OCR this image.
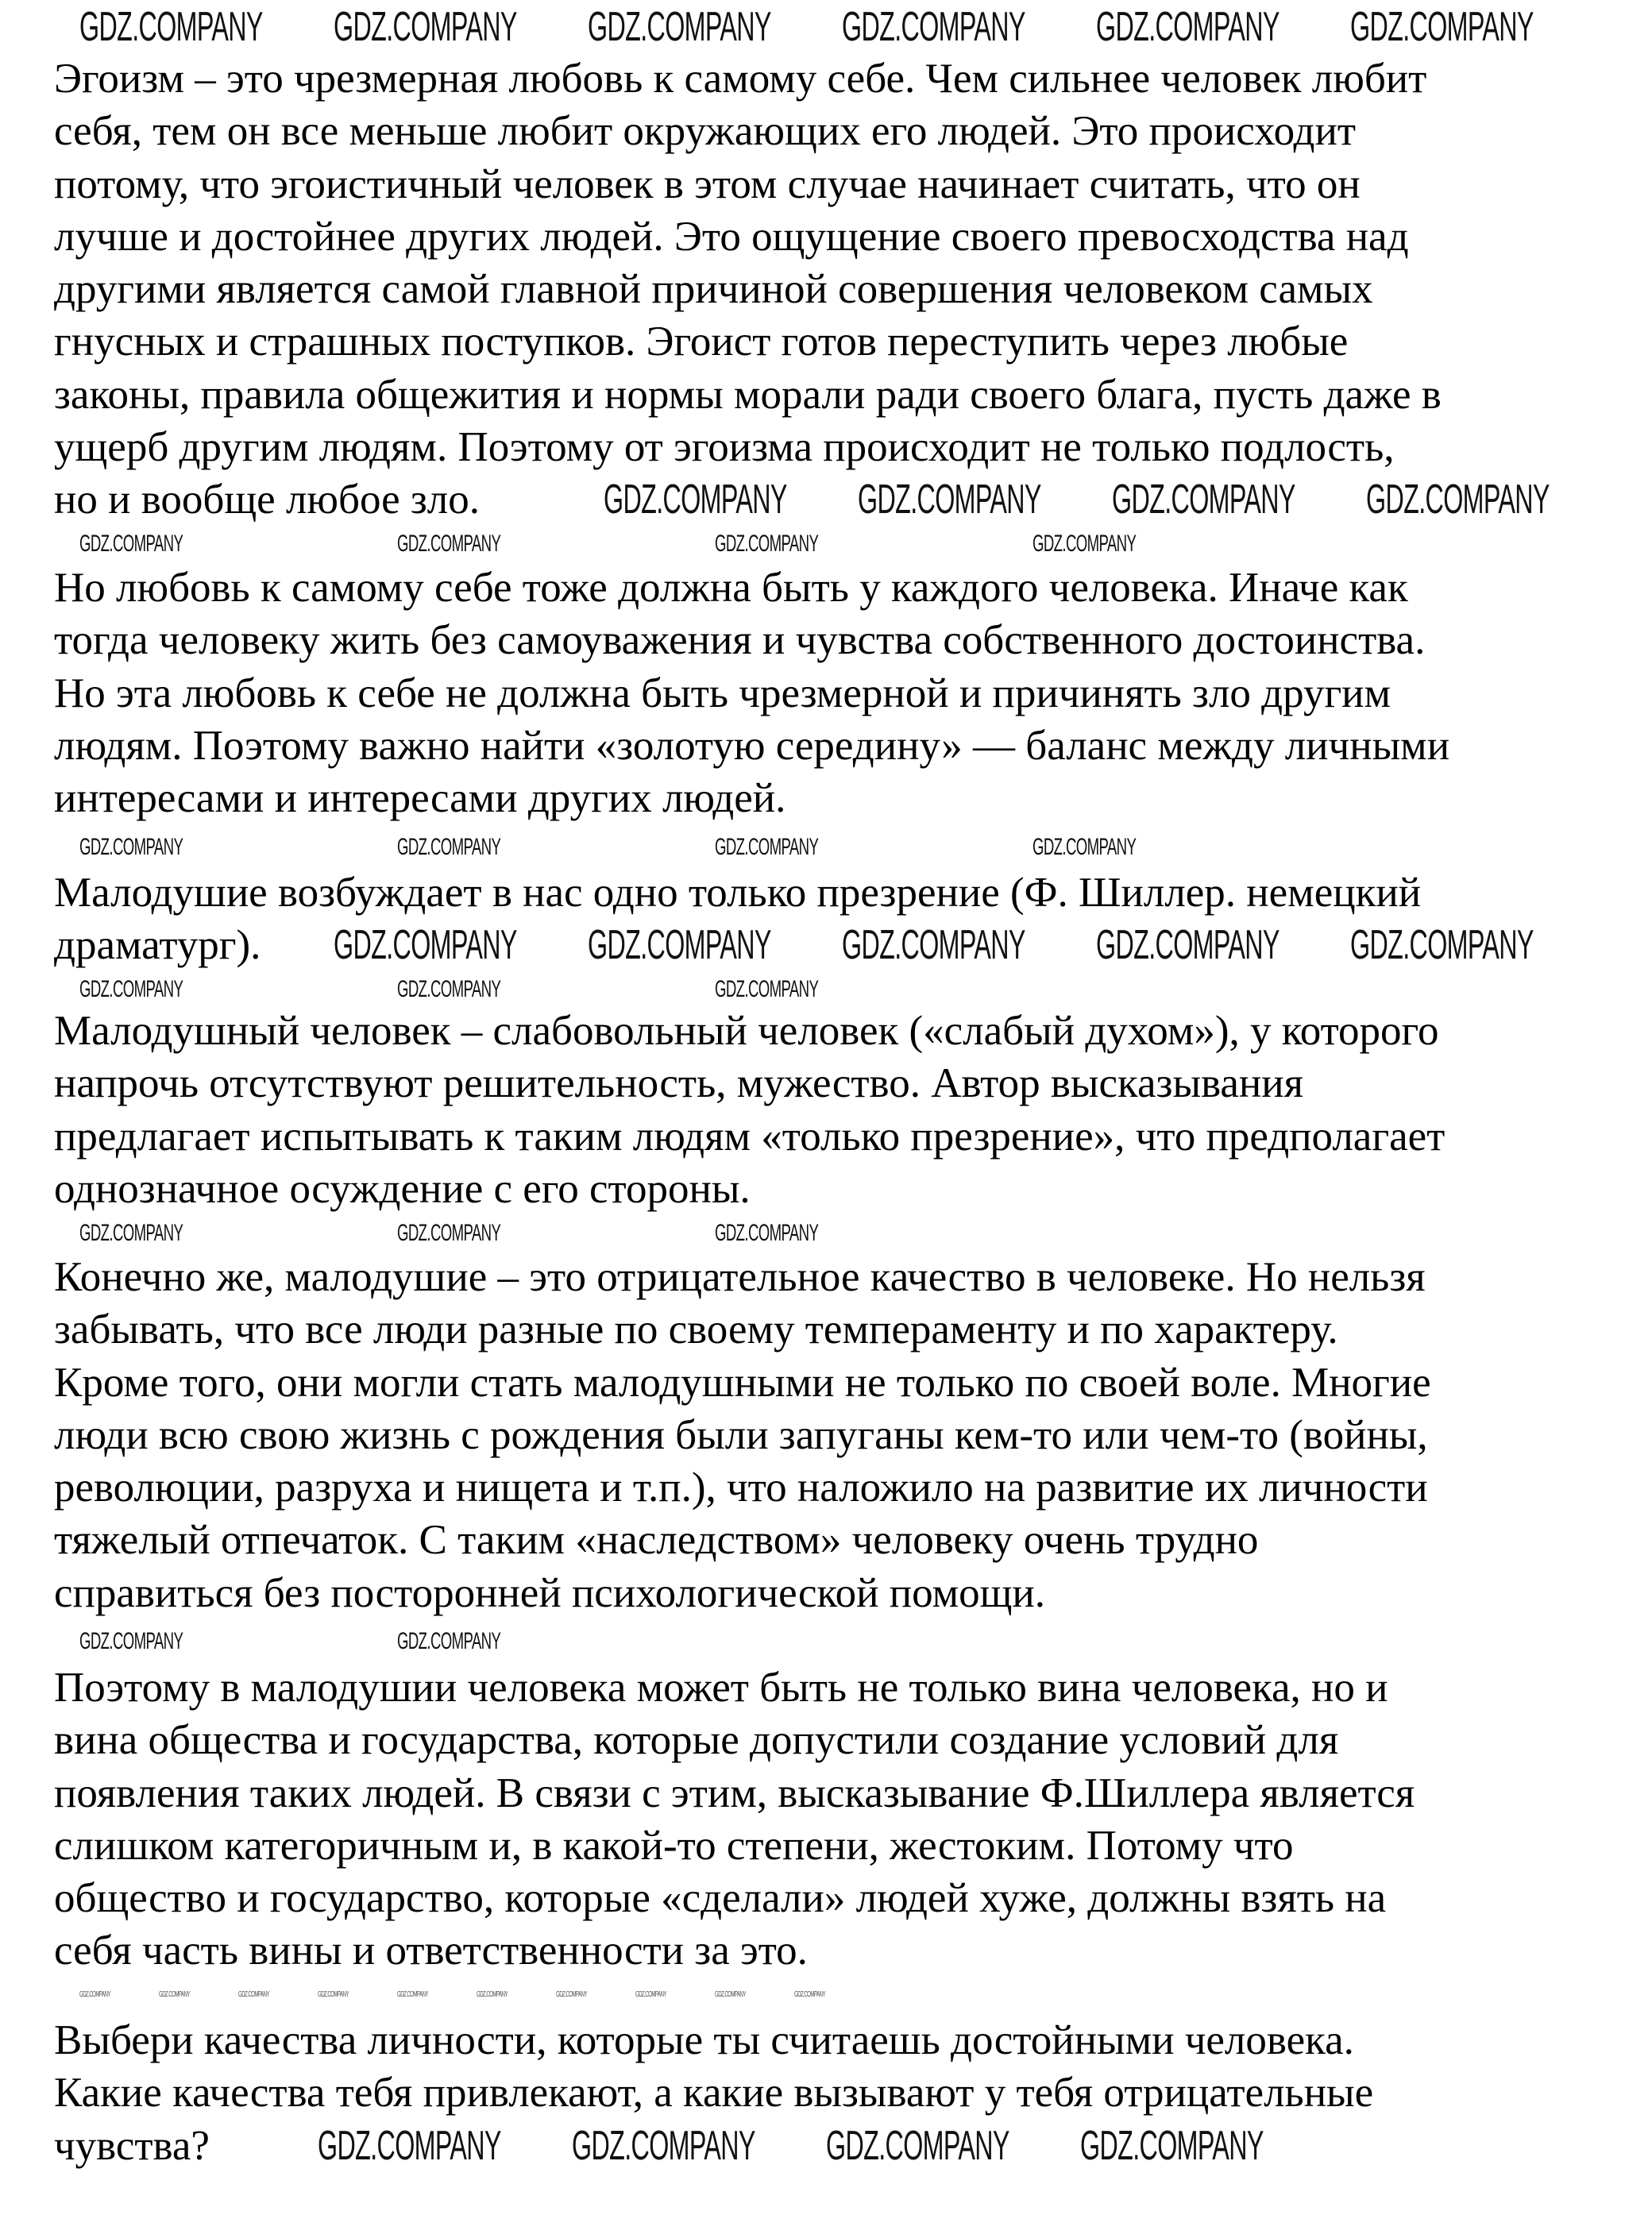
Эгоизм – это чрезмерная любовь к самому себе. Чем сильнее человек любит
себя, тем он все меньше любит окружающих его людей. Это происходит
потому, что эгоистичный человек в этом случае начинает считать, что он
лучше и достойнее других людей. Это ощущение своего превосходства над
другими является самой главной причиной совершения человеком самых
гнусных и страшных поступков. Эгоист готов переступить через любые
законы, правила общежития и нормы морали ради своего блага, пусть даже в
ущерб другим людям. Поэтому от эгоизма происходит не только подлость,
но и вообще любое зло.
Но любовь к самому себе тоже должна быть у каждого человека. Иначе как
тогда человеку жить без самоуважения и чувства собственного достоинства.
Но эта любовь к себе не должна быть чрезмерной и причинять зло другим
людям. Поэтому важно найти «золотую середину» — баланс между личными
интересами и интересами других людей.
Малодушие возбуждает в нас одно только презрение (Ф. Шиллер. немецкий
драматург).
Малодушный человек – слабовольный человек («слабый духом»), у которого
напрочь отсутствуют решительность, мужество. Автор высказывания
предлагает испытывать к таким людям «только презрение», что предполагает
однозначное осуждение с его стороны.
Конечно же, малодушие – это отрицательное качество в человеке. Но нельзя
забывать, что все люди разные по своему темпераменту и по характеру.
Кроме того, они могли стать малодушными не только по своей воле. Многие
люди всю свою жизнь с рождения были запуганы кем-то или чем-то (войны,
революции, разруха и нищета и т.п.), что наложило на развитие их личности
тяжелый отпечаток. С таким «наследством» человеку очень трудно
справиться без посторонней психологической помощи.
Поэтому в малодушии человека может быть не только вина человека, но и
вина общества и государства, которые допустили создание условий для
появления таких людей. В связи с этим, высказывание Ф.Шиллера является
слишком категоричным и, в какой-то степени, жестоким. Потому что
общество и государство, которые «сделали» людей хуже, должны взять на
себя часть вины и ответственности за это.
Выбери качества личности, которые ты считаешь достойными человека.
Какие качества тебя привлекают, а какие вызывают у тебя отрицательные
чувства?
GDZ.COMPANY GDZ.COMPANY GDZ.COMPANY GDZ.COMPANY GDZ.COMPANY GDZ.COMPANY
GDZ.COMPANY GDZ.COMPANY GDZ.COMPANY GDZ.COMPANY
GDZ.COMPANY GDZ.COMPANY GDZ.COMPANY GDZ.COMPANY GDZ.COMPANY
GDZ.COMPANY GDZ.COMPANY GDZ.COMPANY GDZ.COMPANY
GDZ.COMPANY	GDZ.COMPANY	GDZ.COMPANY	GDZ.COMPANY
GDZ.COMPANY	GDZ.COMPANY	GDZ.COMPANY	GDZ.COMPANY
GDZ.COMPANY	GDZ.COMPANY	GDZ.COMPANY
GDZ.COMPANY	GDZ.COMPANY	GDZ.COMPANY
GDZ.COMPANY	GDZ.COMPANY
GDZ.COMPANY	GDZ.COMPANY	GDZ.COMPANY	GDZ.COMPANY	GDZ.COMPANY	GDZ.COMPANY	GDZ.COMPANY	GDZ.COMPANY	GDZ.COMPANY	GDZ.COMPANY
